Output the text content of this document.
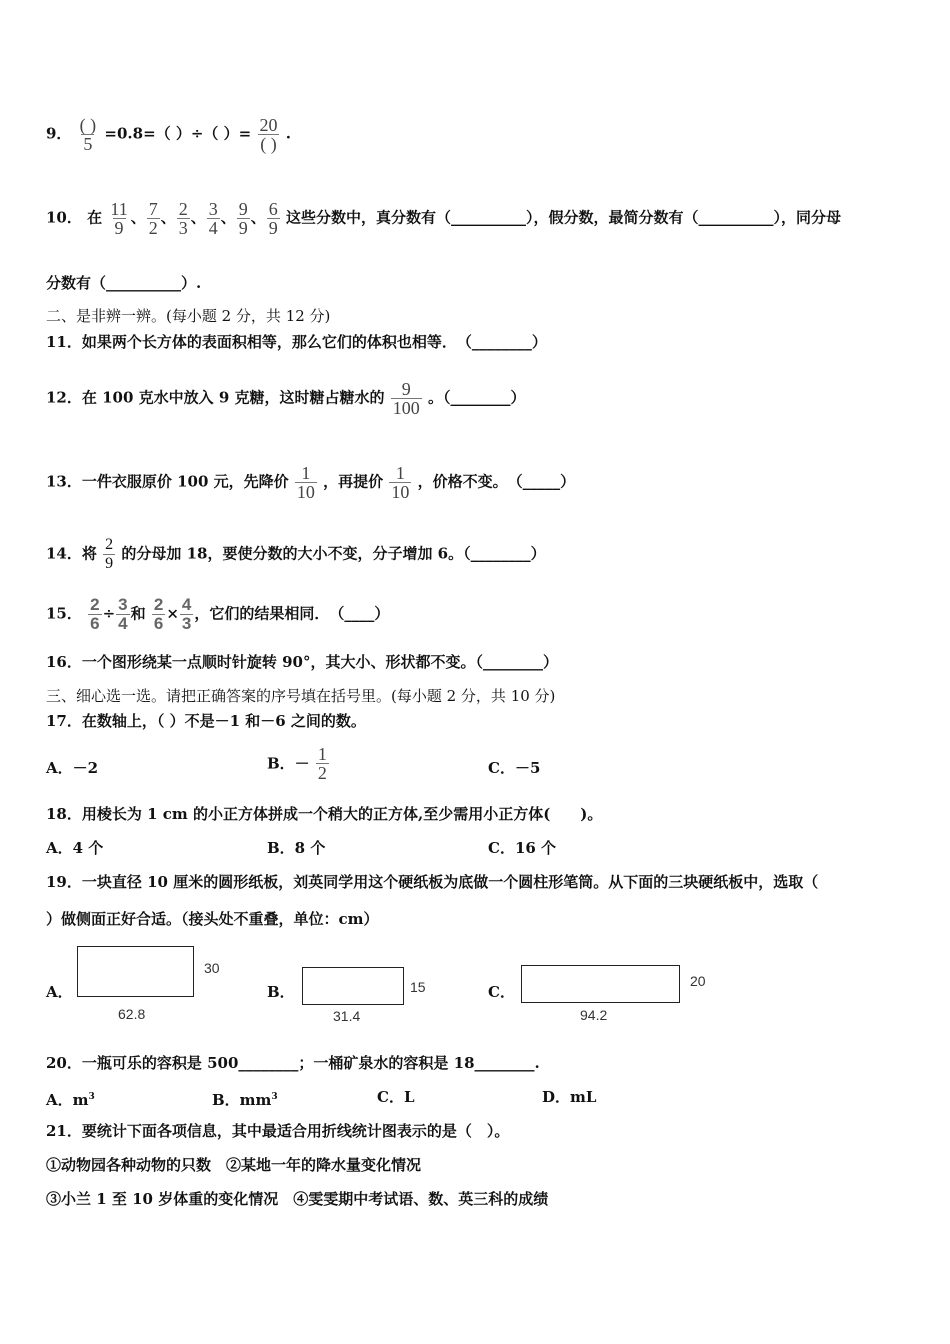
9． $\frac{( )}{5} =0.8=$（ ）÷（ ）= $\frac{20}{( )}$ .
10． 在 $\frac{11}{9}$ 、 $\frac{7}{2}$ 、 $\frac{2}{3}$ 、 $\frac{3}{4}$ 、 $\frac{9}{9}$ 、 $\frac{6}{9}$ 这些分数中，真分数有（__________），假分数，最简分数有（__________），同分母
分数有（__________）.
二、是非辨一辨。(每小题 2 分，共 12 分)
11．如果两个长方体的表面积相等，那么它们的体积也相等．　（________）
12．在 100 克水中放入 9 克糖，这时糖占糖水的 $\frac{9}{100}$ 。（________）
13．一件衣服原价 100 元，先降价 $\frac{1}{10}$ ，再提价 $\frac{1}{10}$ ，价格不变。　（_____）
14．将 $\frac{2}{9}$ 的分母加 18，要使分数的大小不变，分子增加 6。（________）
15． $\frac{2}{6} \div \frac{3}{4}$ 和 $\frac{2}{6} \times \frac{4}{3}$ ，它们的结果相同．　（____）
16．一个图形绕某一点顺时针旋转 90°，其大小、形状都不变。（________）
三、细心选一选。请把正确答案的序号填在括号里。(每小题 2 分，共 10 分)
17．在数轴上，（ ）不是－1 和－6 之间的数。
A．－2	B．－ $\frac{1}{2}$	C．－5
18．用棱长为 1 cm 的小正方体拼成一个稍大的正方体,至少需用小正方体(　　)。
A．4 个	B．8 个	C．16 个
19．一块直径 10 厘米的圆形纸板，刘英同学用这个硬纸板为底做一个圆柱形笔筒。从下面的三块硬纸板中，选取（
）做侧面正好合适。（接头处不重叠，单位：cm）
A．
62.8
30
B．
31.4
15	C．
94.2
20
20．一瓶可乐的容积是 500________；一桶矿泉水的容积是 18________.
A．$m^3$	B．$mm^3$	C．L	D．mL
21．要统计下面各项信息，其中最适合用折线统计图表示的是（　）。
①动物园各种动物的只数　②某地一年的降水量变化情况
③小兰 1 至 10 岁体重的变化情况　④雯雯期中考试语、数、英三科的成绩
